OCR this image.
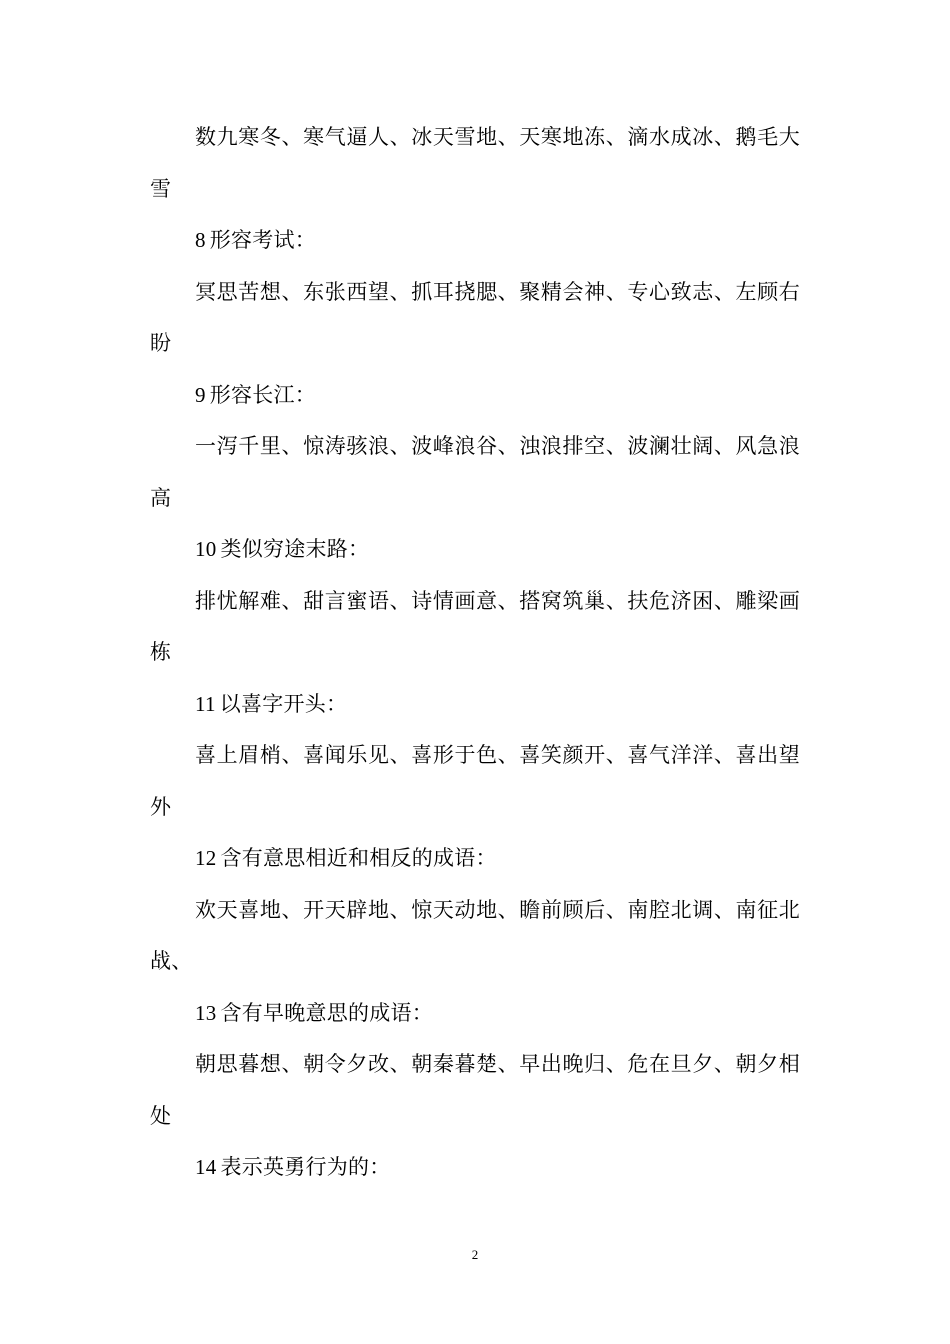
数九寒冬、寒气逼人、冰天雪地、天寒地冻、滴水成冰、鹅毛大雪

8 形容考试：

冥思苦想、东张西望、抓耳挠腮、聚精会神、专心致志、左顾右盼

9 形容长江：

一泻千里、惊涛骇浪、波峰浪谷、浊浪排空、波澜壮阔、风急浪高

10 类似穷途末路：

排忧解难、甜言蜜语、诗情画意、搭窝筑巢、扶危济困、雕梁画栋

11 以喜字开头：

喜上眉梢、喜闻乐见、喜形于色、喜笑颜开、喜气洋洋、喜出望外

12 含有意思相近和相反的成语：

欢天喜地、开天辟地、惊天动地、瞻前顾后、南腔北调、南征北战、

13 含有早晚意思的成语：

朝思暮想、朝令夕改、朝秦暮楚、早出晚归、危在旦夕、朝夕相处

14 表示英勇行为的：

2
